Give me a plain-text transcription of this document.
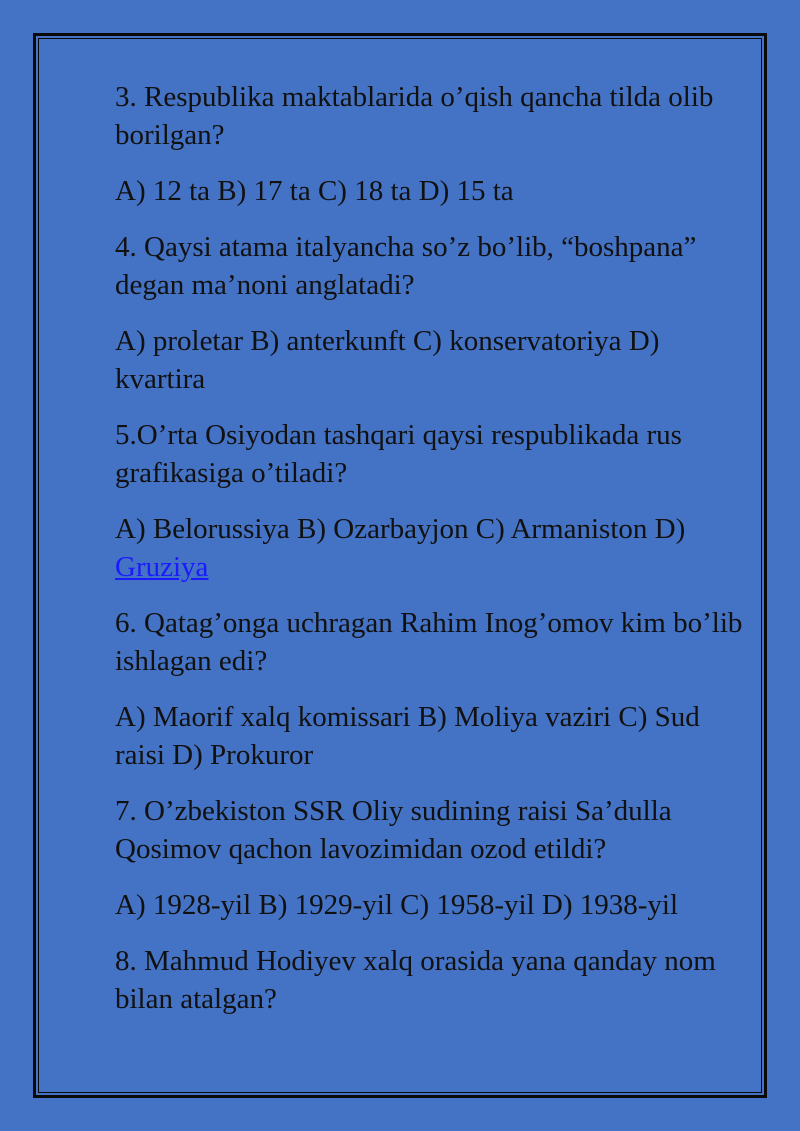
3. Respublika maktablarida o’qish qancha tilda olib borilgan?

A) 12 ta B) 17 ta C) 18 ta D) 15 ta

4. Qaysi atama italyancha so’z bo’lib, “boshpana” degan ma’noni anglatadi?

A) proletar B) anterkunft C) konservatoriya D) kvartira

5.O’rta Osiyodan tashqari qaysi respublikada rus grafikasiga o’tiladi?

A) Belorussiya B) Ozarbayjon C) Armaniston D) Gruziya

6. Qatag’onga uchragan Rahim Inog’omov kim bo’lib ishlagan edi?

A) Maorif xalq komissari B) Moliya vaziri C) Sud raisi D) Prokuror

7. O’zbekiston SSR Oliy sudining raisi Sa’dulla Qosimov qachon lavozimidan ozod etildi?

A) 1928-yil B) 1929-yil C) 1958-yil D) 1938-yil

8. Mahmud Hodiyev xalq orasida yana qanday nom bilan atalgan?
